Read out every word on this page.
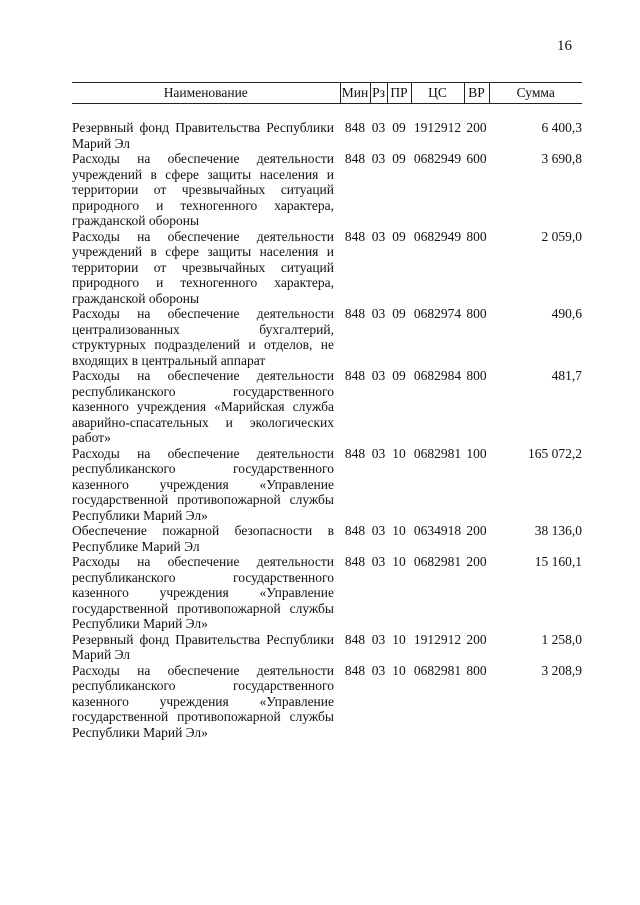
16
Наименование	Мин	Рз	ПР	ЦС	ВР	Сумма

Резервный фонд Правительства Республики Марий Эл	848	03	09	1912912	200	6 400,3
Расходы на обеспечение деятельности учреждений в сфере защиты населения и территории от чрезвычайных ситуаций природного и техногенного характера, гражданской обороны	848	03	09	0682949	600	3 690,8
Расходы на обеспечение деятельности учреждений в сфере защиты населения и территории от чрезвычайных ситуаций природного и техногенного характера, гражданской обороны	848	03	09	0682949	800	2 059,0
Расходы на обеспечение деятельности централизованных бухгалтерий, структурных подразделений и отделов, не входящих в центральный аппарат	848	03	09	0682974	800	490,6
Расходы на обеспечение деятельности республиканского государственного казенного учреждения «Марийская служба аварийно-спасательных и экологических работ»	848	03	09	0682984	800	481,7
Расходы на обеспечение деятельности республиканского государственного казенного учреждения «Управление государственной противопожарной службы Республики Марий Эл»	848	03	10	0682981	100	165 072,2
Обеспечение пожарной безопасности в Республике Марий Эл	848	03	10	0634918	200	38 136,0
Расходы на обеспечение деятельности республиканского государственного казенного учреждения «Управление государственной противопожарной службы Республики Марий Эл»	848	03	10	0682981	200	15 160,1
Резервный фонд Правительства Республики Марий Эл	848	03	10	1912912	200	1 258,0
Расходы на обеспечение деятельности республиканского государственного казенного учреждения «Управление государственной противопожарной службы Республики Марий Эл»	848	03	10	0682981	800	3 208,9
